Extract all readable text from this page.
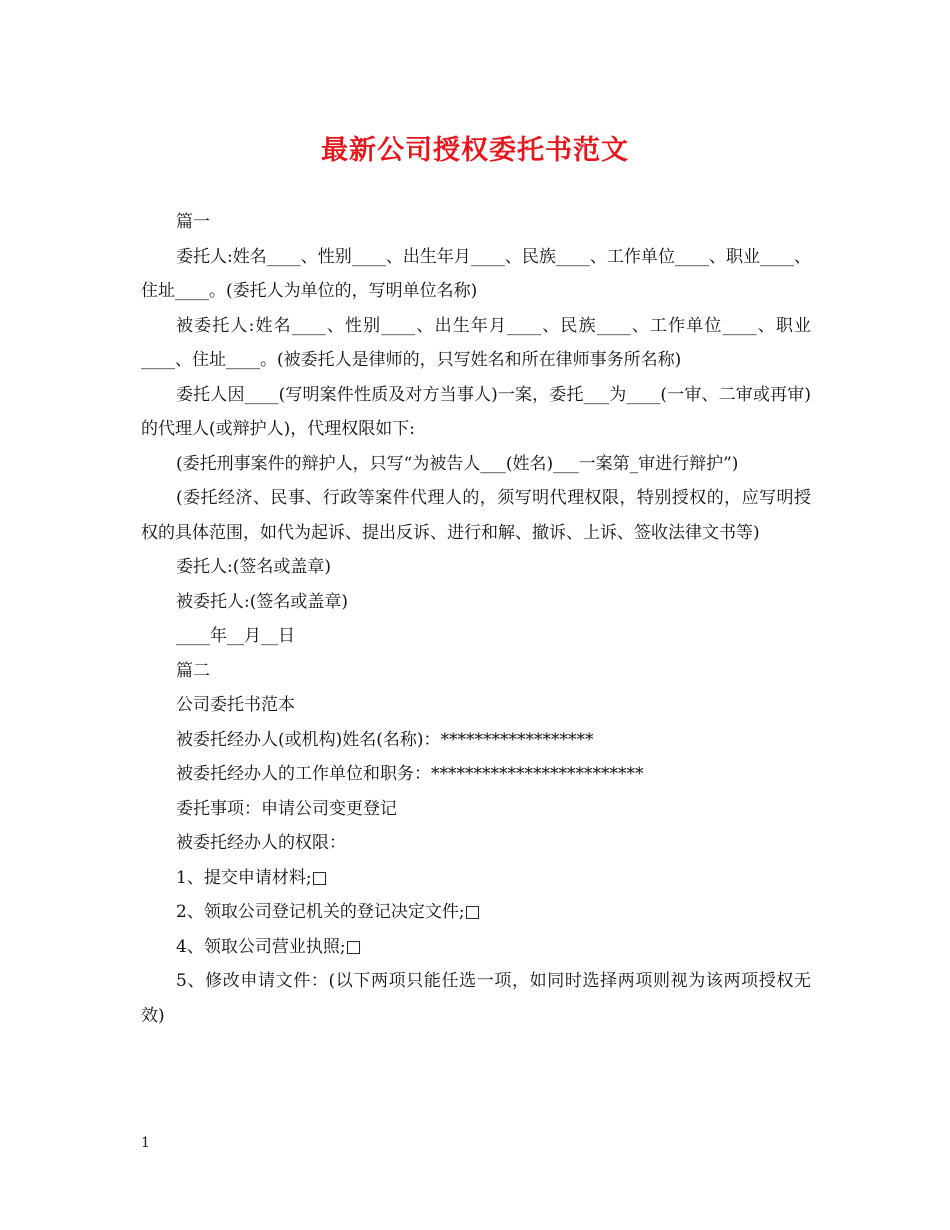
最新公司授权委托书范文

篇一

委托人:姓名____、性别____、出生年月____、民族____、工作单位____、职业____、住址____。(委托人为单位的，写明单位名称)

被委托人:姓名____、性别____、出生年月____、民族____、工作单位____、职业____、住址____。(被委托人是律师的，只写姓名和所在律师事务所名称)

委托人因____(写明案件性质及对方当事人)一案，委托___为____(一审、二审或再审)的代理人(或辩护人)，代理权限如下:

(委托刑事案件的辩护人，只写“为被告人___(姓名)___一案第_审进行辩护”)

(委托经济、民事、行政等案件代理人的，须写明代理权限，特别授权的，应写明授权的具体范围，如代为起诉、提出反诉、进行和解、撤诉、上诉、签收法律文书等)

委托人:(签名或盖章)

被委托人:(签名或盖章)

____年__月__日

篇二

公司委托书范本

被委托经办人(或机构)姓名(名称)：******************

被委托经办人的工作单位和职务：*************************

委托事项：申请公司变更登记

被委托经办人的权限：

1、提交申请材料;□

2、领取公司登记机关的登记决定文件;□

4、领取公司营业执照;□

5、修改申请文件：(以下两项只能任选一项，如同时选择两项则视为该两项授权无效)

1
